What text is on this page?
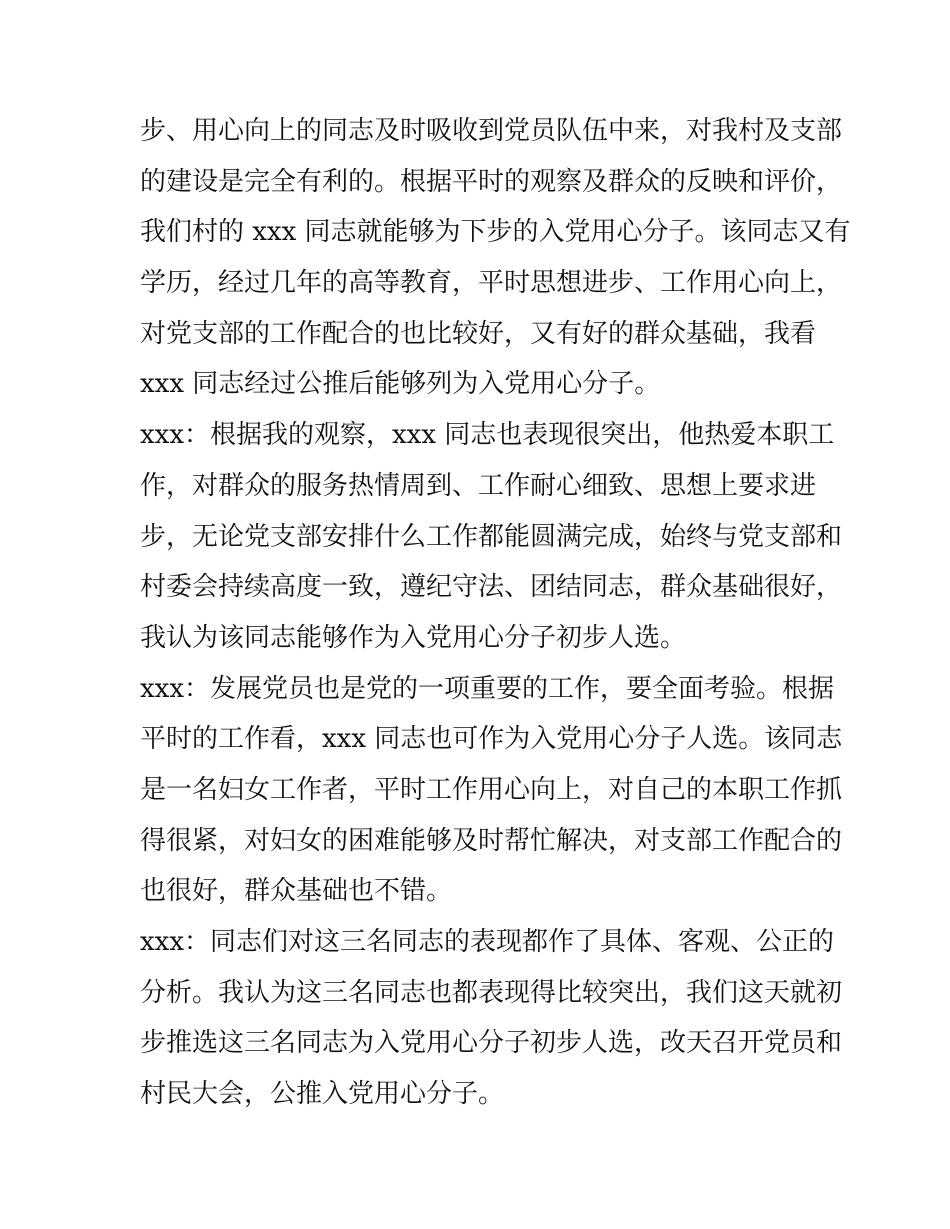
步、用心向上的同志及时吸收到党员队伍中来，对我村及支部
的建设是完全有利的。根据平时的观察及群众的反映和评价，
我们村的 xxx 同志就能够为下步的入党用心分子。该同志又有
学历，经过几年的高等教育，平时思想进步、工作用心向上，
对党支部的工作配合的也比较好，又有好的群众基础，我看
xxx 同志经过公推后能够列为入党用心分子。
xxx：根据我的观察，xxx 同志也表现很突出，他热爱本职工
作，对群众的服务热情周到、工作耐心细致、思想上要求进
步，无论党支部安排什么工作都能圆满完成，始终与党支部和
村委会持续高度一致，遵纪守法、团结同志，群众基础很好，
我认为该同志能够作为入党用心分子初步人选。
xxx：发展党员也是党的一项重要的工作，要全面考验。根据
平时的工作看，xxx 同志也可作为入党用心分子人选。该同志
是一名妇女工作者，平时工作用心向上，对自己的本职工作抓
得很紧，对妇女的困难能够及时帮忙解决，对支部工作配合的
也很好，群众基础也不错。
xxx：同志们对这三名同志的表现都作了具体、客观、公正的
分析。我认为这三名同志也都表现得比较突出，我们这天就初
步推选这三名同志为入党用心分子初步人选，改天召开党员和
村民大会，公推入党用心分子。
